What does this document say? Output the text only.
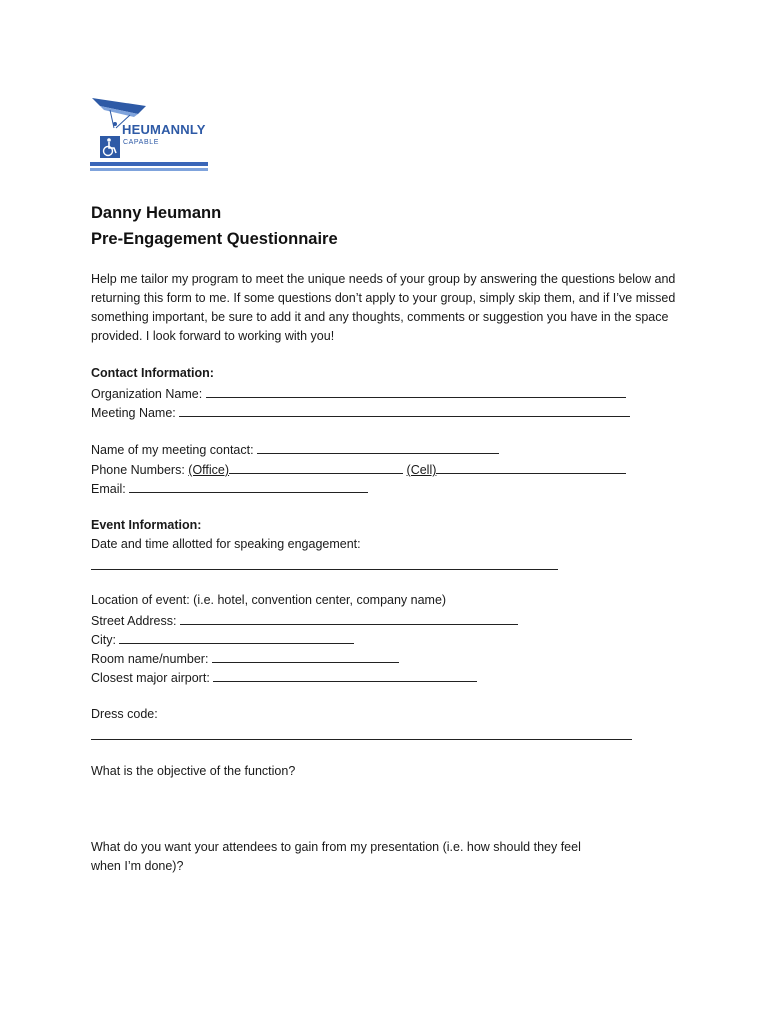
HEUMANNLY
CAPABLE
Danny Heumann
Pre-Engagement Questionnaire

Help me tailor my program to meet the unique needs of your group by answering the questions below and returning this form to me. If some questions don’t apply to your group, simply skip them, and if I’ve missed something important, be sure to add it and any thoughts, comments or suggestion you have in the space provided. I look forward to working with you!

Contact Information:
Organization Name:
Meeting Name:
Name of my meeting contact:
Phone Numbers: (Office)	(Cell)
Email:
Event Information:
Date and time allotted for speaking engagement:
Location of event: (i.e. hotel, convention center, company name)
Street Address:
City:
Room name/number:
Closest major airport:
Dress code:
What is the objective of the function?
What do you want your attendees to gain from my presentation (i.e. how should they feel
when I’m done)?
